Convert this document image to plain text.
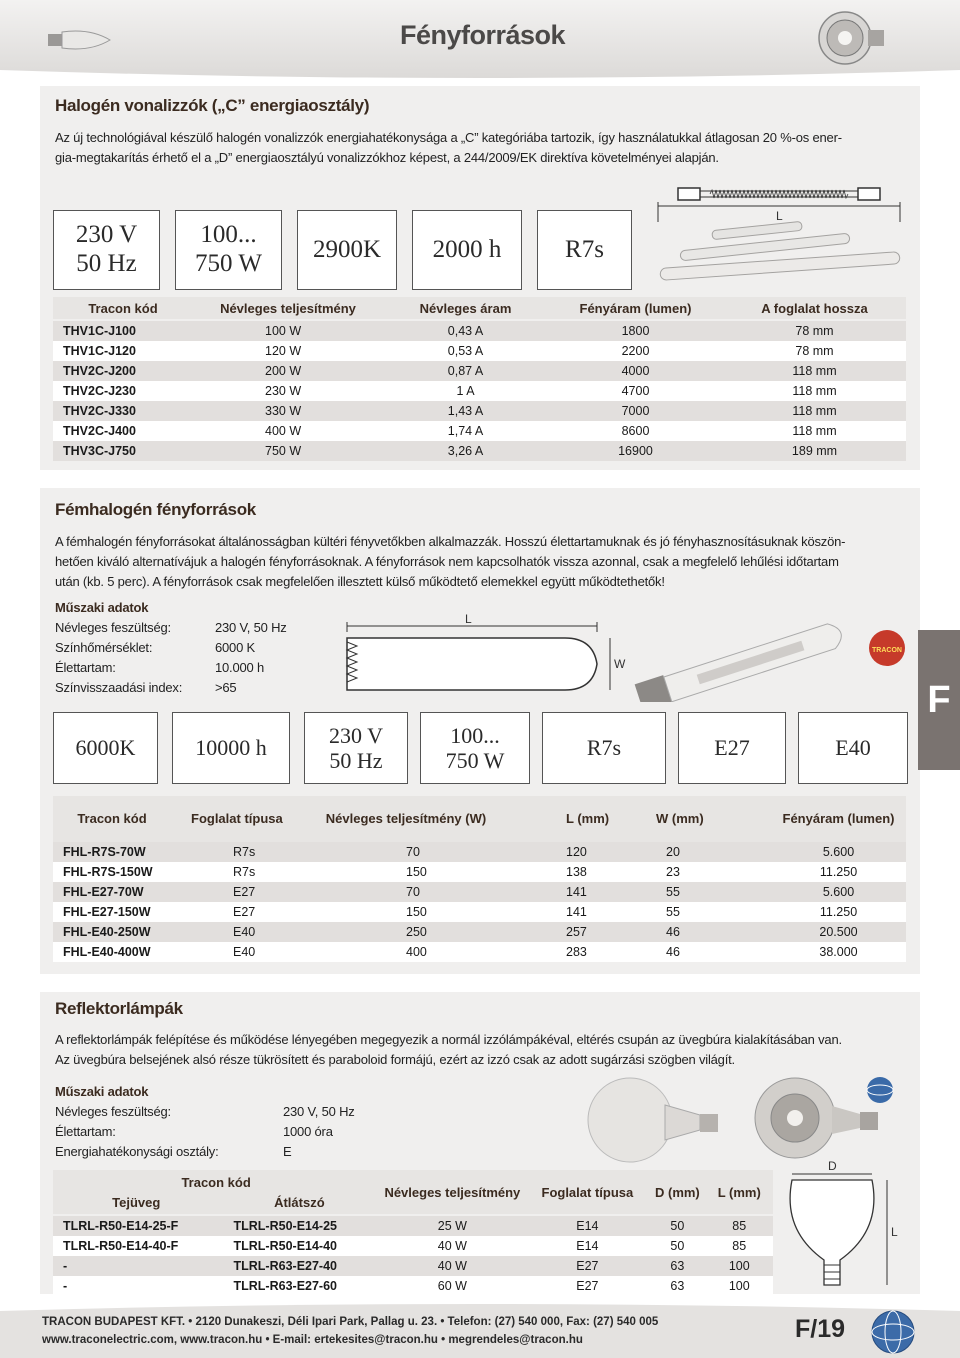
Fényforrások
Halogén vonalizzók („C” energiaosztály)
Az új technológiával készülő halogén vonalizzók energiahatékonysága a „C” kategóriába tartozik, így használatukkal átlagosan 20 %-os ener-
gia-megtakarítás érhető el a „D” energiaosztályú vonalizzókhoz képest, a 244/2009/EK direktíva követelményei alapján.
230 V
50 Hz
100...
750 W
2900K 2000 h	R7s
L
Tracon kód	Névleges teljesítmény	Névleges áram	Fényáram (lumen)	A foglalat hossza

THV1C-J100	100 W	0,43 A	1800	78 mm
THV1C-J120	120 W	0,53 A	2200	78 mm
THV2C-J200	200 W	0,87 A	4000	118 mm
THV2C-J230	230 W	1 A	4700	118 mm
THV2C-J330	330 W	1,43 A	7000	118 mm
THV2C-J400	400 W	1,74 A	8600	118 mm
THV3C-J750	750 W	3,26 A	16900	189 mm
Fémhalogén fényforrások
A fémhalogén fényforrásokat általánosságban kültéri fényvetőkben alkalmazzák. Hosszú élettartamuknak és jó fényhasznosításuknak köszön-
hetően kiváló alternatívájuk a halogén fényforrásoknak. A fényforrások nem kapcsolhatók vissza azonnal, csak a megfelelő lehűlési időtartam
után (kb. 5 perc). A fényforrások csak megfelelően illesztett külső működtető elemekkel együtt működtethetők!
Műszaki adatok
Névleges feszültség:	230 V, 50 Hz
Színhőmérséklet:	6000 K
Élettartam:	10.000 h
Színvisszaadási index:	>65
L
W
TRACON
F
6000K	10000 h
230 V
50 Hz
100...
750 W
R7s	E27	E40
Tracon kód	Foglalat típusa	Névleges teljesítmény (W)	L (mm)	W (mm)	Fényáram (lumen)

FHL-R7S-70W	R7s	70	120	20	5.600
FHL-R7S-150W	R7s	150	138	23	11.250
FHL-E27-70W	E27	70	141	55	5.600
FHL-E27-150W	E27	150	141	55	11.250
FHL-E40-250W	E40	250	257	46	20.500
FHL-E40-400W	E40	400	283	46	38.000
Reflektorlámpák
A reflektorlámpák felépítése és működése lényegében megegyezik a normál izzólámpákéval, eltérés csupán az üvegbúra kialakításában van.
Az üvegbúra belsejének alsó része tükrösített és paraboloid formájú, ezért az izzó csak az adott sugárzási szögben világít.
Műszaki adatok
Névleges feszültség:	230 V, 50 Hz
Élettartam:	1000 óra
Energiahatékonysági osztály:	E
D
L
Tracon kód		Névleges teljesítmény	Foglalat típusa	D (mm)	L (mm)
Tejüveg	Átlátszó				

TLRL-R50-E14-25-F	TLRL-R50-E14-25	25 W	E14	50	85
TLRL-R50-E14-40-F	TLRL-R50-E14-40	40 W	E14	50	85
-	TLRL-R63-E27-40	40 W	E27	63	100
-	TLRL-R63-E27-60	60 W	E27	63	100
TRACON BUDAPEST KFT. • 2120 Dunakeszi, Déli Ipari Park, Pallag u. 23. • Telefon: (27) 540 000, Fax: (27) 540 005
www.traconelectric.com, www.tracon.hu • E-mail: ertekesites@tracon.hu • megrendeles@tracon.hu	F/19
